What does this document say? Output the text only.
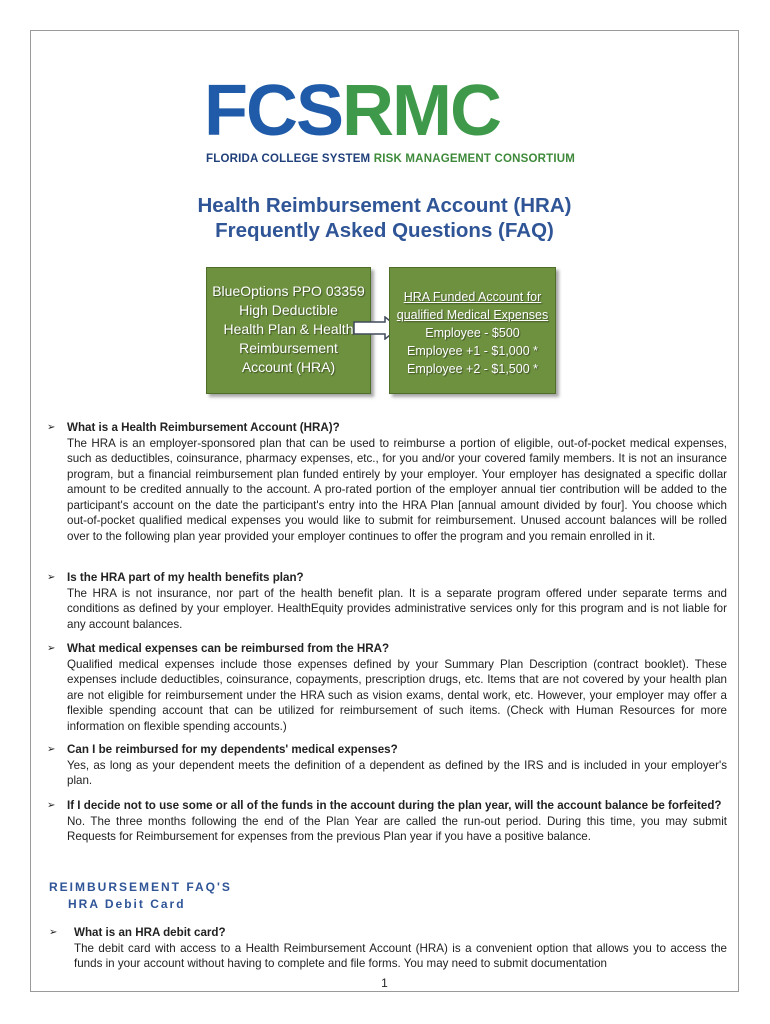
FCSRMC
FLORIDA COLLEGE SYSTEM RISK MANAGEMENT CONSORTIUM
Health Reimbursement Account (HRA)
Frequently Asked Questions (FAQ)
BlueOptions PPO 03359
High Deductible
Health Plan & Health
Reimbursement
Account (HRA)
HRA Funded Account for
qualified Medical Expenses
Employee - $500
Employee +1 - $1,000 *
Employee +2 - $1,500 *
➢ What is a Health Reimbursement Account (HRA)?
The HRA is an employer-sponsored plan that can be used to reimburse a portion of eligible, out-of-pocket medical expenses, such as deductibles, coinsurance, pharmacy expenses, etc., for you and/or your covered family members. It is not an insurance program, but a financial reimbursement plan funded entirely by your employer. Your employer has designated a specific dollar amount to be credited annually to the account. A pro-rated portion of the employer annual tier contribution will be added to the participant's account on the date the participant's entry into the HRA Plan [annual amount divided by four]. You choose which out-of-pocket qualified medical expenses you would like to submit for reimbursement. Unused account balances will be rolled over to the following plan year provided your employer continues to offer the program and you remain enrolled in it.
➢ Is the HRA part of my health benefits plan?
The HRA is not insurance, nor part of the health benefit plan. It is a separate program offered under separate terms and conditions as defined by your employer. HealthEquity provides administrative services only for this program and is not liable for any account balances.
➢ What medical expenses can be reimbursed from the HRA?
Qualified medical expenses include those expenses defined by your Summary Plan Description (contract booklet). These expenses include deductibles, coinsurance, copayments, prescription drugs, etc. Items that are not covered by your health plan are not eligible for reimbursement under the HRA such as vision exams, dental work, etc. However, your employer may offer a flexible spending account that can be utilized for reimbursement of such items. (Check with Human Resources for more information on flexible spending accounts.)
➢ Can I be reimbursed for my dependents' medical expenses?
Yes, as long as your dependent meets the definition of a dependent as defined by the IRS and is included in your employer's plan.
➢ If I decide not to use some or all of the funds in the account during the plan year, will the account balance be forfeited?
No. The three months following the end of the Plan Year are called the run-out period. During this time, you may submit Requests for Reimbursement for expenses from the previous Plan year if you have a positive balance.
REIMBURSEMENT FAQ'S
HRA Debit Card
➢ What is an HRA debit card?
The debit card with access to a Health Reimbursement Account (HRA) is a convenient option that allows you to access the funds in your account without having to complete and file forms. You may need to submit documentation
1
